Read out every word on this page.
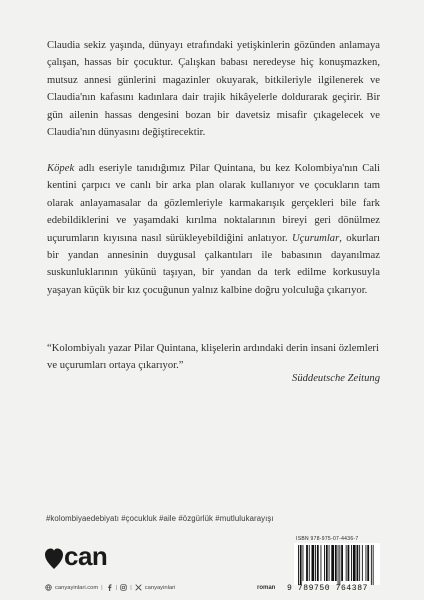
Claudia sekiz yaşında, dünyayı etrafındaki yetişkinlerin gözünden anlamaya çalışan, hassas bir çocuktur. Çalışkan babası neredeyse hiç konuşmazken, mutsuz annesi günlerini magazinler okuyarak, bitkileriyle ilgilenerek ve Claudia'nın kafasını kadınlara dair trajik hikâyelerle doldurarak geçirir. Bir gün ailenin hassas dengesini bozan bir davetsiz misafir çıkagelecek ve Claudia'nın dünyasını değiştirecektir.
Köpek adlı eseriyle tanıdığımız Pilar Quintana, bu kez Kolombiya'nın Cali kentini çarpıcı ve canlı bir arka plan olarak kullanıyor ve çocukların tam olarak anlayamasalar da gözlemleriyle karmakarışık gerçekleri bile fark edebildiklerini ve yaşamdaki kırılma noktalarının bireyi geri dönülmez uçurumların kıyısına nasıl sürükleyebildiğini anlatıyor. Uçurumlar, okurları bir yandan annesinin duygusal çalkantıları ile babasının dayanılmaz suskunluklarının yükünü taşıyan, bir yandan da terk edilme korkusuyla yaşayan küçük bir kız çocuğunun yalnız kalbine doğru yolculuğa çıkarıyor.
“Kolombiyalı yazar Pilar Quintana, klişelerin ardındaki derin insani özlemleri ve uçurumları ortaya çıkarıyor.”
Süddeutsche Zeitung
#kolombiyaedebiyatı #çocukluk #aile #özgürlük #mutlulukarayışı
can
canyayinlari.com | | | canyayinlari	roman
ISBN 978-975-07-4436-7
9 789750 764387
